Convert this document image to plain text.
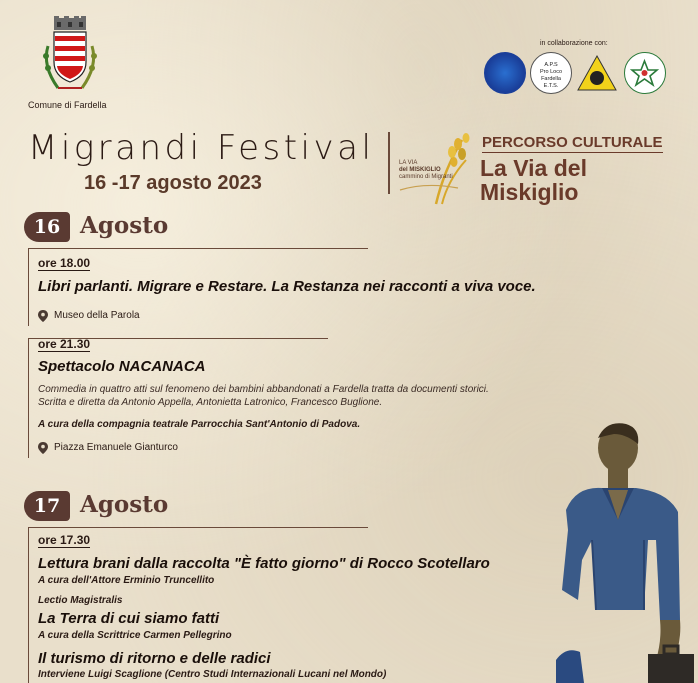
Comune di Fardella
in collaborazione con:
A.P.S
Pro Loco
Fardella
E.T.S.
Migrandi Festival
16 -17 agosto 2023
LA VIA
del MISKIGLIO
cammino di Migranti
PERCORSO CULTURALE
La Via del
Miskiglio
16 Agosto
ore 18.00
Libri parlanti. Migrare e Restare. La Restanza nei racconti a viva voce.
Museo della Parola
ore 21.30
Spettacolo NACANACA
Commedia in quattro atti sul fenomeno dei bambini abbandonati a Fardella tratta da documenti storici.
Scritta e diretta da Antonio Appella, Antonietta Latronico, Francesco Buglione.
A cura della compagnia teatrale Parrocchia Sant'Antonio di Padova.
Piazza Emanuele Gianturco
17 Agosto
ore 17.30
Lettura brani dalla raccolta "È fatto giorno" di Rocco Scotellaro
A cura dell'Attore Erminio Truncellito
Lectio Magistralis
La Terra di cui siamo fatti
A cura della Scrittrice Carmen Pellegrino
Il turismo di ritorno e delle radici
Interviene Luigi Scaglione (Centro Studi Internazionali Lucani nel Mondo)
